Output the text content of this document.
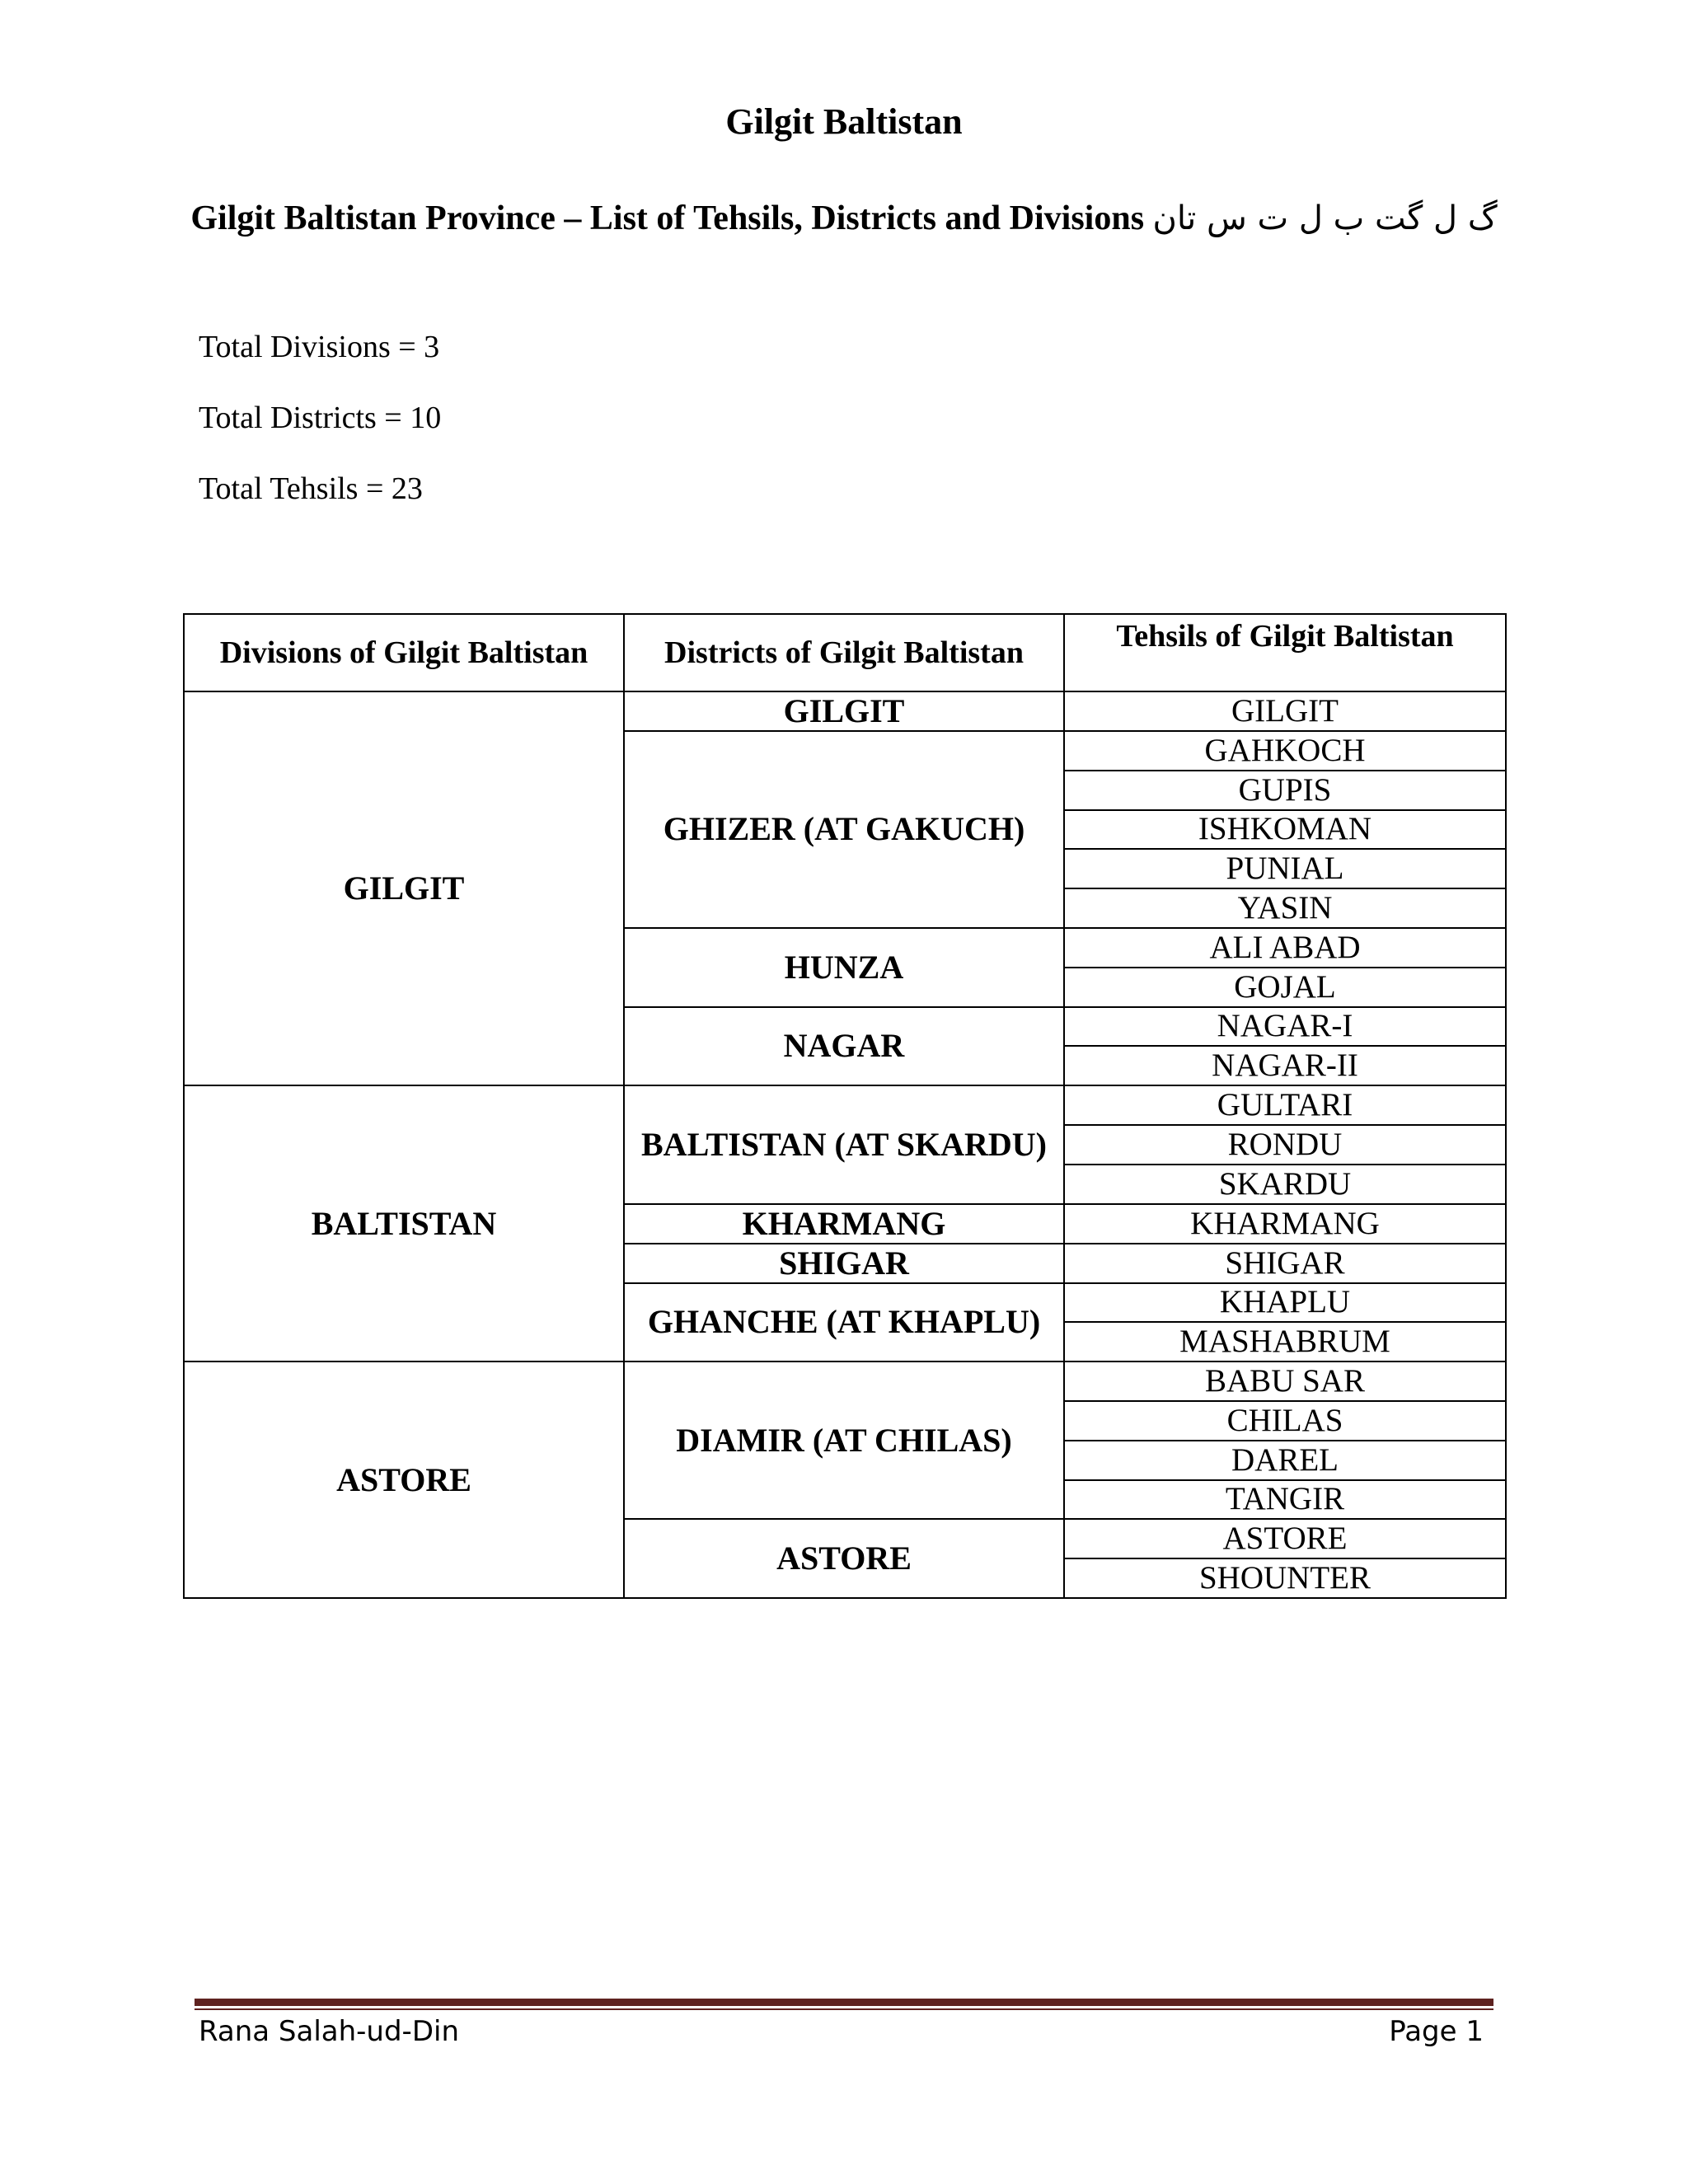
Gilgit Baltistan
Gilgit Baltistan Province – List of Tehsils, Districts and Divisions گ ل گت ب ل ت س تان
Total Divisions = 3
Total Districts = 10
Total Tehsils = 23
Divisions of Gilgit Baltistan	Districts of Gilgit Baltistan	Tehsils of Gilgit Baltistan
GILGIT	GILGIT	GILGIT
	GHIZER (AT GAKUCH)	GAHKOCH
		GUPIS
		ISHKOMAN
		PUNIAL
		YASIN
	HUNZA	ALI ABAD
		GOJAL
	NAGAR	NAGAR-I
		NAGAR-II
BALTISTAN	BALTISTAN (AT SKARDU)	GULTARI
		RONDU
		SKARDU
	KHARMANG	KHARMANG
	SHIGAR	SHIGAR
	GHANCHE (AT KHAPLU)	KHAPLU
		MASHABRUM
ASTORE	DIAMIR (AT CHILAS)	BABU SAR
		CHILAS
		DAREL
		TANGIR
	ASTORE	ASTORE
		SHOUNTER
Rana Salah-ud-Din	Page 1
